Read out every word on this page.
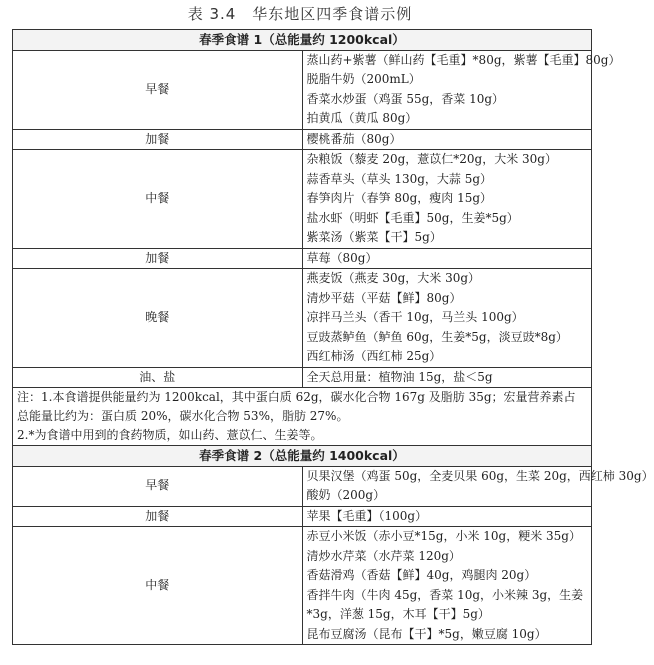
表 3.4　华东地区四季食谱示例
春季食谱 1（总能量约 1200kcal）	
早餐	蒸山药+紫薯（鲜山药【毛重】*80g，紫薯【毛重】80g）
脱脂牛奶（200mL）
香菜水炒蛋（鸡蛋 55g，香菜 10g）
拍黄瓜（黄瓜 80g）

加餐	樱桃番茄（80g）

中餐	杂粮饭（藜麦 20g，薏苡仁*20g，大米 30g）
蒜香草头（草头 130g，大蒜 5g）
春笋肉片（春笋 80g，瘦肉 15g）
盐水虾（明虾【毛重】50g，生姜*5g）
紫菜汤（紫菜【干】5g）

加餐	草莓（80g）

晚餐	燕麦饭（燕麦 30g，大米 30g）
清炒平菇（平菇【鲜】80g）
凉拌马兰头（香干 10g，马兰头 100g）
豆豉蒸鲈鱼（鲈鱼 60g，生姜*5g，淡豆豉*8g）
西红柿汤（西红柿 25g）

油、盐	全天总用量：植物油 15g，盐＜5g

注：1.本食谱提供能量约为 1200kcal，其中蛋白质 62g，碳水化合物 167g 及脂肪 35g；宏量营养素占总能量比约为：蛋白质 20%，碳水化合物 53%，脂肪 27%。
2.*为食谱中用到的食药物质，如山药、薏苡仁、生姜等。	

春季食谱 2（总能量约 1400kcal）	
早餐	贝果汉堡（鸡蛋 50g，全麦贝果 60g，生菜 20g，西红柿 30g）
酸奶（200g）

加餐	苹果【毛重】（100g）

中餐	赤豆小米饭（赤小豆*15g，小米 10g，粳米 35g）
清炒水芹菜（水芹菜 120g）
香菇滑鸡（香菇【鲜】40g，鸡腿肉 20g）
香拌牛肉（牛肉 45g，香菜 10g，小米辣 3g，生姜*3g，洋葱 15g，木耳【干】5g）
昆布豆腐汤（昆布【干】*5g，嫩豆腐 10g）
